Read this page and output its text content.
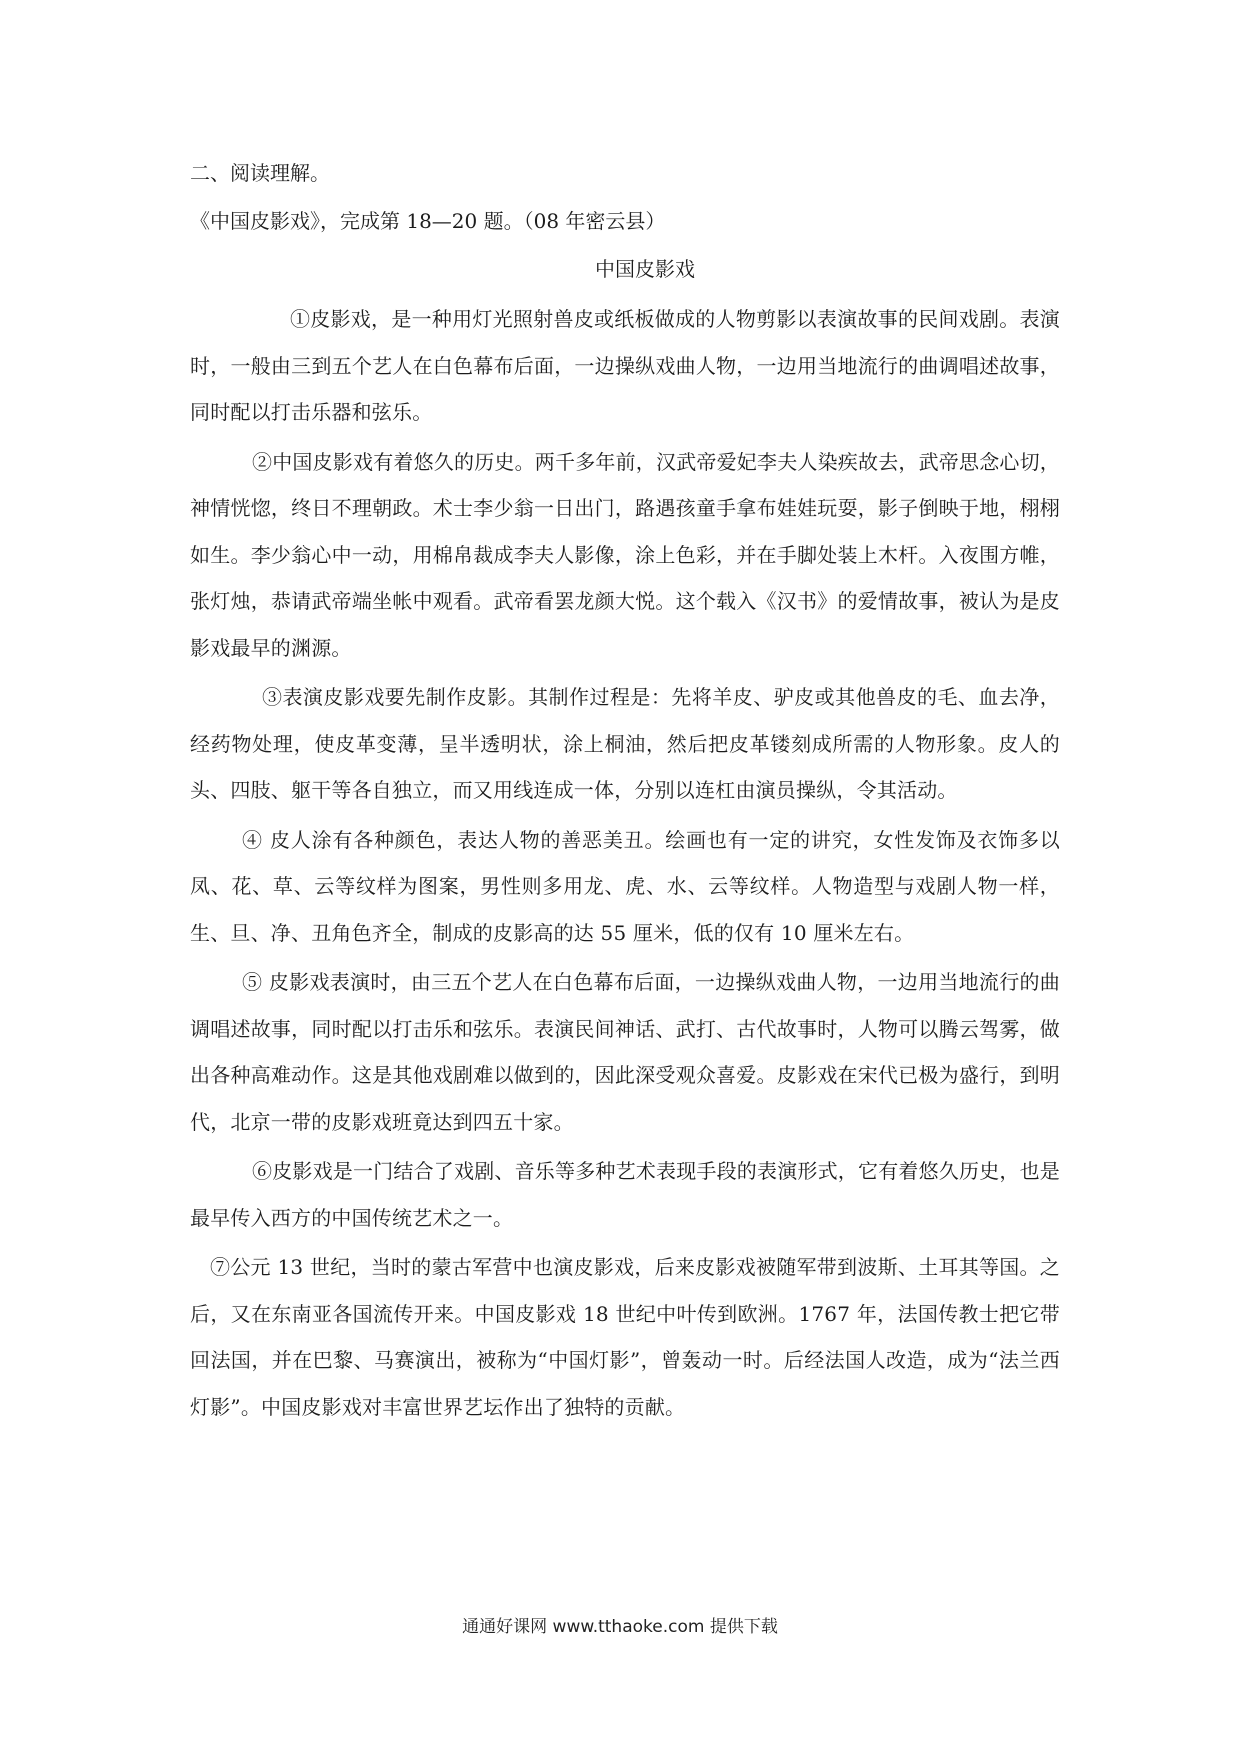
二、阅读理解。
《中国皮影戏》，完成第 18—20 题。（08 年密云县）
中国皮影戏

①皮影戏，是一种用灯光照射兽皮或纸板做成的人物剪影以表演故事的民间戏剧。表演时，一般由三到五个艺人在白色幕布后面，一边操纵戏曲人物，一边用当地流行的曲调唱述故事，同时配以打击乐器和弦乐。

②中国皮影戏有着悠久的历史。两千多年前，汉武帝爱妃李夫人染疾故去，武帝思念心切，神情恍惚，终日不理朝政。术士李少翁一日出门，路遇孩童手拿布娃娃玩耍，影子倒映于地，栩栩如生。李少翁心中一动，用棉帛裁成李夫人影像，涂上色彩，并在手脚处装上木杆。入夜围方帷，张灯烛，恭请武帝端坐帐中观看。武帝看罢龙颜大悦。这个载入《汉书》的爱情故事，被认为是皮影戏最早的渊源。

③表演皮影戏要先制作皮影。其制作过程是：先将羊皮、驴皮或其他兽皮的毛、血去净，经药物处理，使皮革变薄，呈半透明状，涂上桐油，然后把皮革镂刻成所需的人物形象。皮人的头、四肢、躯干等各自独立，而又用线连成一体，分别以连杠由演员操纵，令其活动。

④ 皮人涂有各种颜色，表达人物的善恶美丑。绘画也有一定的讲究，女性发饰及衣饰多以凤、花、草、云等纹样为图案，男性则多用龙、虎、水、云等纹样。人物造型与戏剧人物一样，生、旦、净、丑角色齐全，制成的皮影高的达 55 厘米，低的仅有 10 厘米左右。

⑤ 皮影戏表演时，由三五个艺人在白色幕布后面，一边操纵戏曲人物，一边用当地流行的曲调唱述故事，同时配以打击乐和弦乐。表演民间神话、武打、古代故事时，人物可以腾云驾雾，做出各种高难动作。这是其他戏剧难以做到的，因此深受观众喜爱。皮影戏在宋代已极为盛行，到明代，北京一带的皮影戏班竟达到四五十家。

⑥皮影戏是一门结合了戏剧、音乐等多种艺术表现手段的表演形式，它有着悠久历史，也是最早传入西方的中国传统艺术之一。

⑦公元 13 世纪，当时的蒙古军营中也演皮影戏，后来皮影戏被随军带到波斯、土耳其等国。之后，又在东南亚各国流传开来。中国皮影戏 18 世纪中叶传到欧洲。1767 年，法国传教士把它带回法国，并在巴黎、马赛演出，被称为“中国灯影”，曾轰动一时。后经法国人改造，成为“法兰西灯影”。中国皮影戏对丰富世界艺坛作出了独特的贡献。

通通好课网 www.tthaoke.com 提供下载
